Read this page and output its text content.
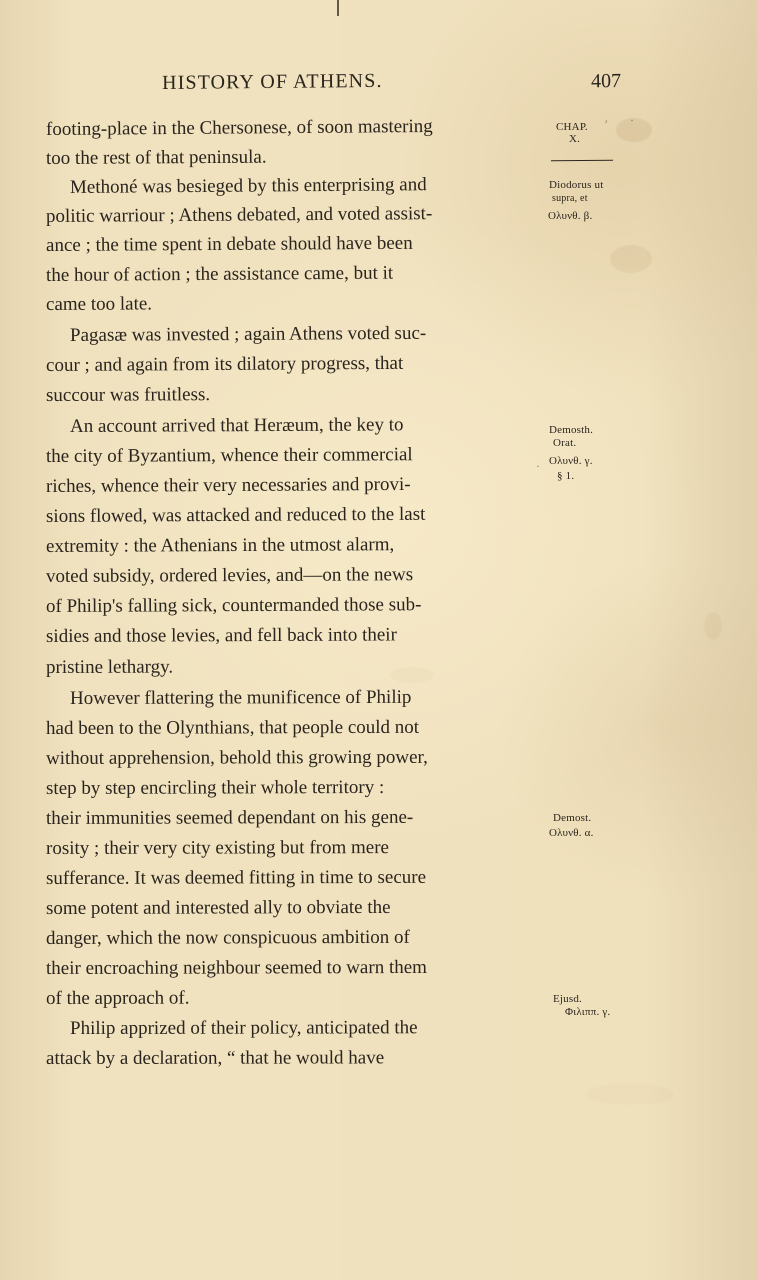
′ ·
·
HISTORY OF ATHENS.	407
footing-place in the Chersonese, of soon mastering
too the rest of that peninsula.
Methoné was besieged by this enterprising and
politic warriour ; Athens debated, and voted assist-
ance ; the time spent in debate should have been
the hour of action ; the assistance came, but it
came too late.
Pagasæ was invested ; again Athens voted suc-
cour ; and again from its dilatory progress, that
succour was fruitless.
An account arrived that Heræum, the key to
the city of Byzantium, whence their commercial
riches, whence their very necessaries and provi-
sions flowed, was attacked and reduced to the last
extremity : the Athenians in the utmost alarm,
voted subsidy, ordered levies, and—on the news
of Philip's falling sick, countermanded those sub-
sidies and those levies, and fell back into their
pristine lethargy.
However flattering the munificence of Philip
had been to the Olynthians, that people could not
without apprehension, behold this growing power,
step by step encircling their whole territory :
their immunities seemed dependant on his gene-
rosity ; their very city existing but from mere
sufferance. It was deemed fitting in time to secure
some potent and interested ally to obviate the
danger, which the now conspicuous ambition of
their encroaching neighbour seemed to warn them
of the approach of.
Philip apprized of their policy, anticipated the
attack by a declaration, “ that he would have
CHAP.
X.
Diodorus ut
supra, et
Ολυνθ. β.
Demosth.
Orat.
Ολυνθ. γ.
§ 1.
Demost.
Ολυνθ. α.
Ejusd.
Φιλιππ. γ.
